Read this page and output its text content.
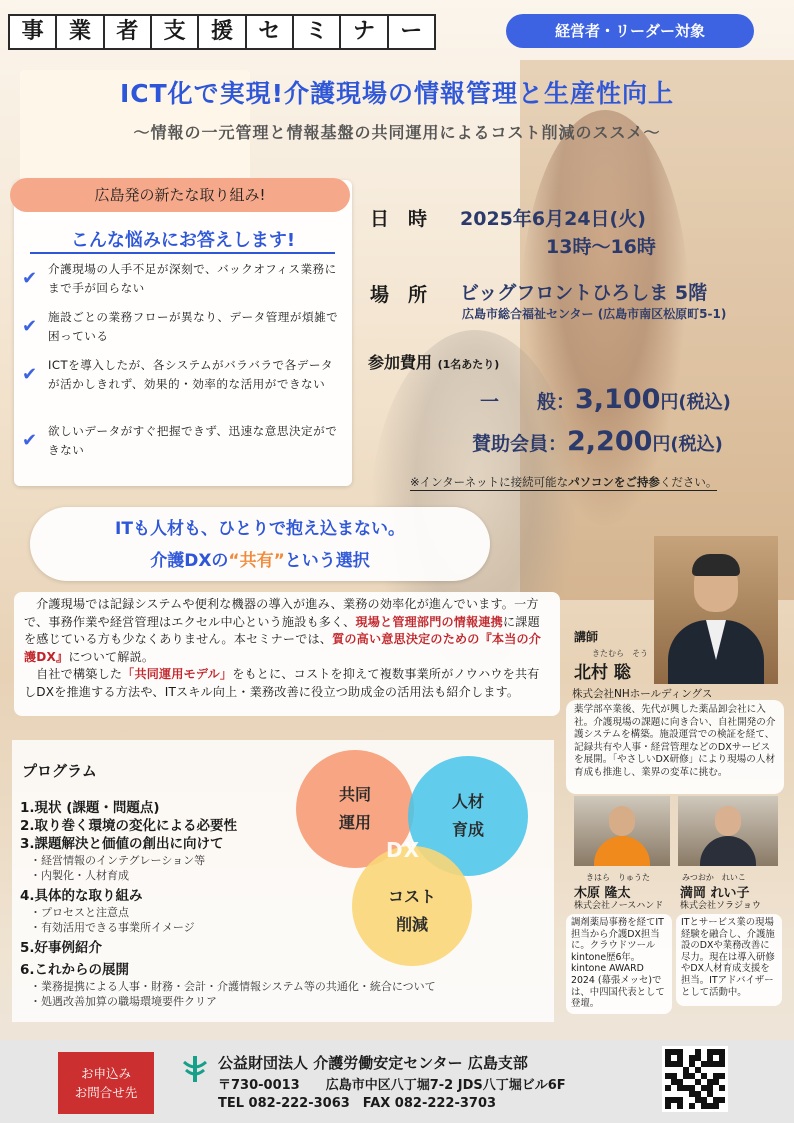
事	業	者	支	援	セ	ミ	ナ	ー	経営者・リーダー対象
ICT化で実現!介護現場の情報管理と生産性向上
〜情報の一元管理と情報基盤の共同運用によるコスト削減のススメ〜
広島発の新たな取り組み!
こんな悩みにお答えします!
✔ 介護現場の人手不足が深刻で、バックオフィス業務にまで手が回らない
✔ 施設ごとの業務フローが異なり、データ管理が煩雑で困っている
✔ ICTを導入したが、各システムがバラバラで各データが活かしきれず、効果的・効率的な活用ができない
✔ 欲しいデータがすぐ把握できず、迅速な意思決定ができない
日　時 2025年6月24日(火)
13時〜16時
場　所 ビッグフロントひろしま 5階
広島市総合福祉センター (広島市南区松原町5-1)
参加費用 (1名あたり)
一　　般：3,100円(税込)
賛助会員：2,200円(税込)
※インターネットに接続可能なパソコンをご持参ください。
ITも人材も、ひとりで抱え込まない。
介護DXの“共有”という選択

介護現場では記録システムや便利な機器の導入が進み、業務の効率化が進んでいます。一方で、事務作業や経営管理はエクセル中心という施設も多く、現場と管理部門の情報連携に課題を感じている方も少なくありません。本セミナーでは、質の高い意思決定のための『本当の介護DX』について解説。

自社で構築した「共同運用モデル」をもとに、コストを抑えて複数事業所がノウハウを共有しDXを推進する方法や、ITスキル向上・業務改善に役立つ助成金の活用法も紹介します。

講師
きたむら　そう
北村 聡
株式会社NHホールディングス
薬学部卒業後、先代が興した薬品卸会社に入社。介護現場の課題に向き合い、自社開発の介護システムを構築。施設運営での検証を経て、記録共有や人事・経営管理などのDXサービスを展開。「やさしいDX研修」により現場の人材育成も推進し、業界の変革に挑む。
プログラム
1.現状 (課題・問題点)
2.取り巻く環境の変化による必要性
3.課題解決と価値の創出に向けて
・経営情報のインテグレーション等
・内製化・人材育成
4.具体的な取り組み
・プロセスと注意点
・有効活用できる事業所イメージ
5.好事例紹介
6.これからの展開
・業務提携による人事・財務・会計・介護情報システム等の共通化・統合について
・処遇改善加算の職場環境要件クリア
共同
運用
人材
育成
コスト
削減
DX
きはら　りゅうた
木原 隆太
株式会社ノースハンド
調剤薬局事務を経てIT担当から介護DX担当に。クラウドツールkintone歴6年。kintone AWARD 2024 (幕張メッセ)では、中四国代表として登壇。
みつおか　れいこ
満岡 れい子
株式会社ソラジョウ
ITとサービス業の現場経験を融合し、介護施設のDXや業務改善に尽力。現在は導入研修やDX人材育成支援を担当。ITアドバイザーとして活動中。
お申込み
お問合せ先
公益財団法人 介護労働安定センター 広島支部
〒730-0013　　広島市中区八丁堀7-2 JDS八丁堀ビル6F
TEL 082-222-3063　FAX 082-222-3703
